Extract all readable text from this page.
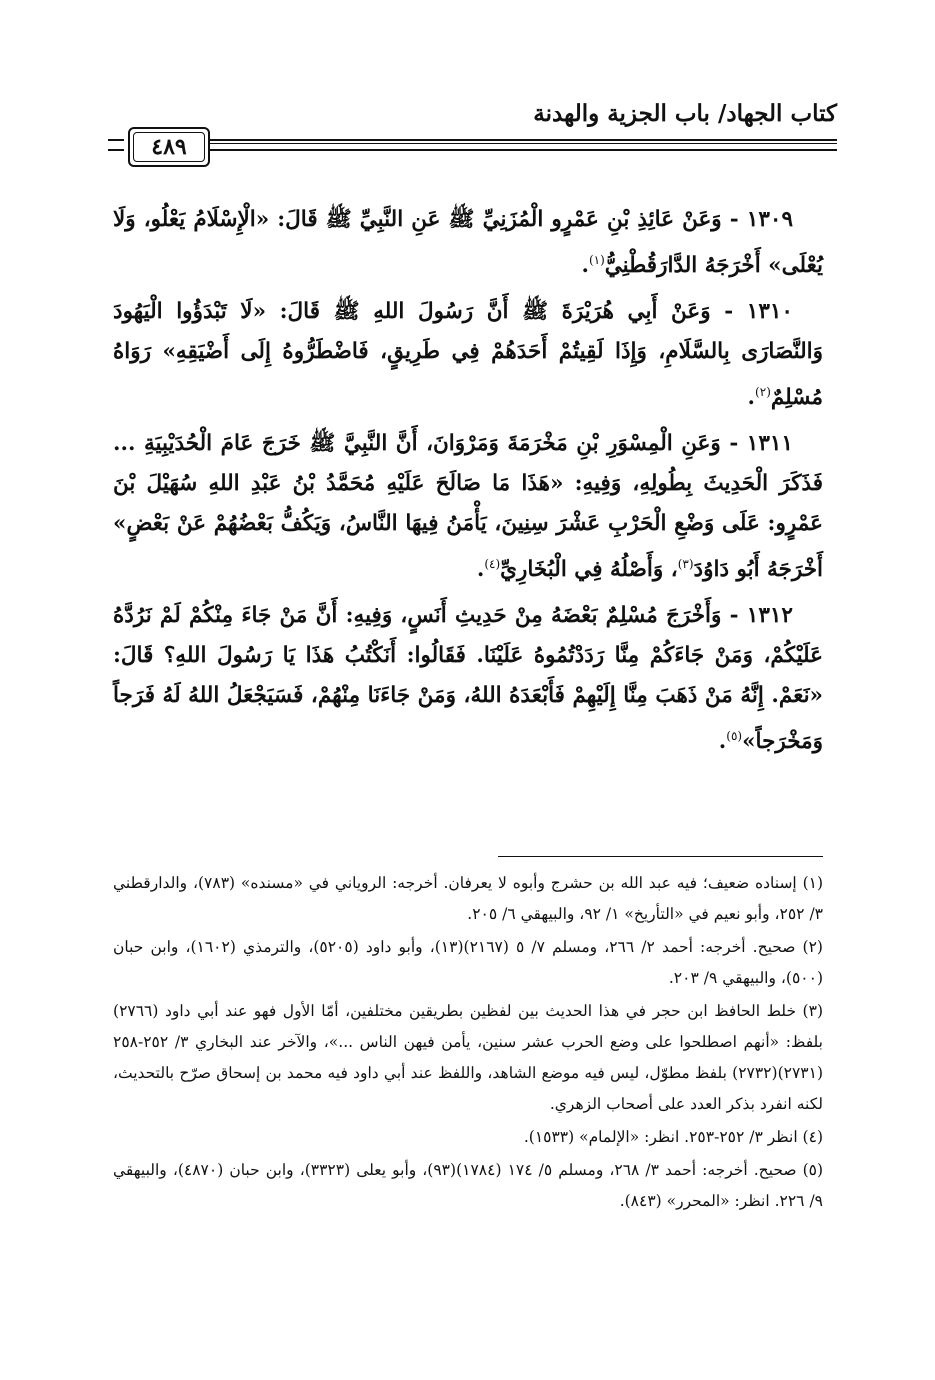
كتاب الجهاد/ باب الجزية والهدنة
٤٨٩

١٣٠٩ - وَعَنْ عَائِذِ بْنِ عَمْرٍو الْمُزَنِيِّ ﷺ عَنِ النَّبِيِّ ﷺ قَالَ: «الْإِسْلَامُ يَعْلُو، وَلَا يُعْلَى» أَخْرَجَهُ الدَّارَقُطْنِيُّ$^{(١)}$.

١٣١٠ - وَعَنْ أَبِي هُرَيْرَةَ ﷺ أَنَّ رَسُولَ اللهِ ﷺ قَالَ: «لَا تَبْدَؤُوا الْيَهُودَ وَالنَّصَارَى بِالسَّلَامِ، وَإِذَا لَقِيتُمْ أَحَدَهُمْ فِي طَرِيقٍ، فَاضْطَرُّوهُ إِلَى أَضْيَقِهِ» رَوَاهُ مُسْلِمٌ$^{(٢)}$.

١٣١١ - وَعَنِ الْمِسْوَرِ بْنِ مَخْرَمَةَ وَمَرْوَانَ، أَنَّ النَّبِيَّ ﷺ خَرَجَ عَامَ الْحُدَيْبِيَةِ ... فَذَكَرَ الْحَدِيثَ بِطُولِهِ، وَفِيهِ: «هَذَا مَا صَالَحَ عَلَيْهِ مُحَمَّدُ بْنُ عَبْدِ اللهِ سُهَيْلَ بْنَ عَمْرٍو: عَلَى وَضْعِ الْحَرْبِ عَشْرَ سِنِينَ، يَأْمَنُ فِيهَا النَّاسُ، وَيَكُفُّ بَعْضُهُمْ عَنْ بَعْضٍ» أَخْرَجَهُ أَبُو دَاوُدَ$^{(٣)}$، وَأَصْلُهُ فِي الْبُخَارِيِّ$^{(٤)}$.

١٣١٢ - وَأَخْرَجَ مُسْلِمٌ بَعْضَهُ مِنْ حَدِيثِ أَنَسٍ، وَفِيهِ: أَنَّ مَنْ جَاءَ مِنْكُمْ لَمْ نَرُدَّهُ عَلَيْكُمْ، وَمَنْ جَاءَكُمْ مِنَّا رَدَدْتُمُوهُ عَلَيْنَا. فَقَالُوا: أَنَكْتُبُ هَذَا يَا رَسُولَ اللهِ؟ قَالَ: «نَعَمْ. إِنَّهُ مَنْ ذَهَبَ مِنَّا إِلَيْهِمْ فَأَبْعَدَهُ اللهُ، وَمَنْ جَاءَنَا مِنْهُمْ، فَسَيَجْعَلُ اللهُ لَهُ فَرَجاً وَمَخْرَجاً»$^{(٥)}$.

(١) إسناده ضعيف؛ فيه عبد الله بن حشرج وأبوه لا يعرفان. أخرجه: الروياني في «مسنده» (٧٨٣)، والدارقطني ٣/ ٢٥٢، وأبو نعيم في «التأريخ» ١/ ٩٢، والبيهقي ٦/ ٢٠٥.

(٢) صحيح. أخرجه: أحمد ٢/ ٢٦٦، ومسلم ٧/ ٥ (٢١٦٧)(١٣)، وأبو داود (٥٢٠٥)، والترمذي (١٦٠٢)، وابن حبان (٥٠٠)، والبيهقي ٩/ ٢٠٣.

(٣) خلط الحافظ ابن حجر في هذا الحديث بين لفظين بطريقين مختلفين، أمّا الأول فهو عند أبي داود (٢٧٦٦) بلفظ: «أنهم اصطلحوا على وضع الحرب عشر سنين، يأمن فيهن الناس ...»، والآخر عند البخاري ٣/ ٢٥٢-٢٥٨ (٢٧٣١)(٢٧٣٢) بلفظ مطوّل، ليس فيه موضع الشاهد، واللفظ عند أبي داود فيه محمد بن إسحاق صرّح بالتحديث، لكنه انفرد بذكر العدد على أصحاب الزهري.

(٤) انظر ٣/ ٢٥٢-٢٥٣. انظر: «الإلمام» (١٥٣٣).

(٥) صحيح. أخرجه: أحمد ٣/ ٢٦٨، ومسلم ٥/ ١٧٤ (١٧٨٤)(٩٣)، وأبو يعلى (٣٣٢٣)، وابن حبان (٤٨٧٠)، والبيهقي ٩/ ٢٢٦. انظر: «المحرر» (٨٤٣).
